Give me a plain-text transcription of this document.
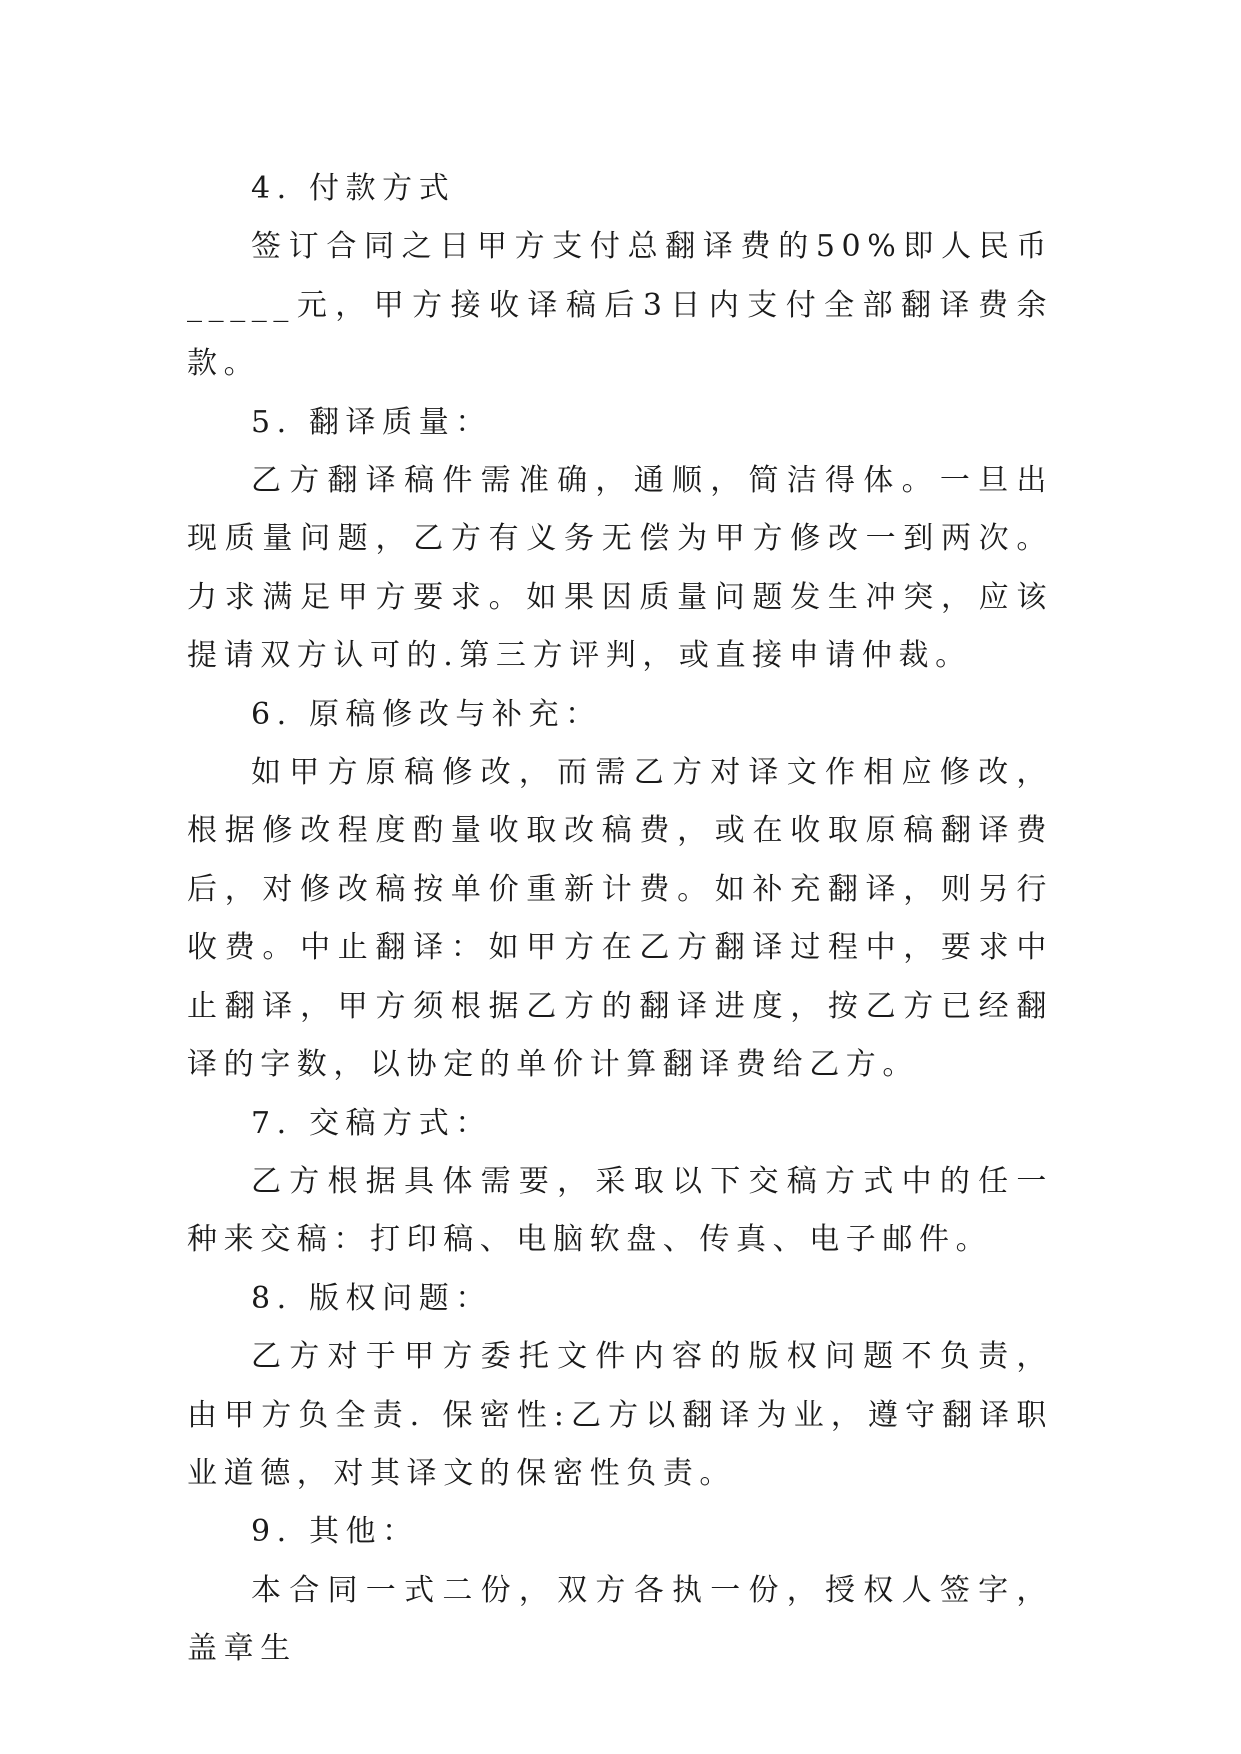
4. 付款方式

签订合同之日甲方支付总翻译费的50%即人民币_____元，甲方接收译稿后3日内支付全部翻译费余款。

5. 翻译质量：

乙方翻译稿件需准确，通顺，简洁得体。一旦出现质量问题，乙方有义务无偿为甲方修改一到两次。力求满足甲方要求。如果因质量问题发生冲突，应该提请双方认可的.第三方评判，或直接申请仲裁。

6. 原稿修改与补充：

如甲方原稿修改，而需乙方对译文作相应修改，根据修改程度酌量收取改稿费，或在收取原稿翻译费后，对修改稿按单价重新计费。如补充翻译，则另行收费。中止翻译：如甲方在乙方翻译过程中，要求中止翻译，甲方须根据乙方的翻译进度，按乙方已经翻译的字数，以协定的单价计算翻译费给乙方。

7. 交稿方式：

乙方根据具体需要，采取以下交稿方式中的任一种来交稿：打印稿、电脑软盘、传真、电子邮件。

8. 版权问题：

乙方对于甲方委托文件内容的版权问题不负责，由甲方负全责. 保密性:乙方以翻译为业，遵守翻译职业道德，对其译文的保密性负责。

9. 其他：

本合同一式二份，双方各执一份，授权人签字，盖章生
